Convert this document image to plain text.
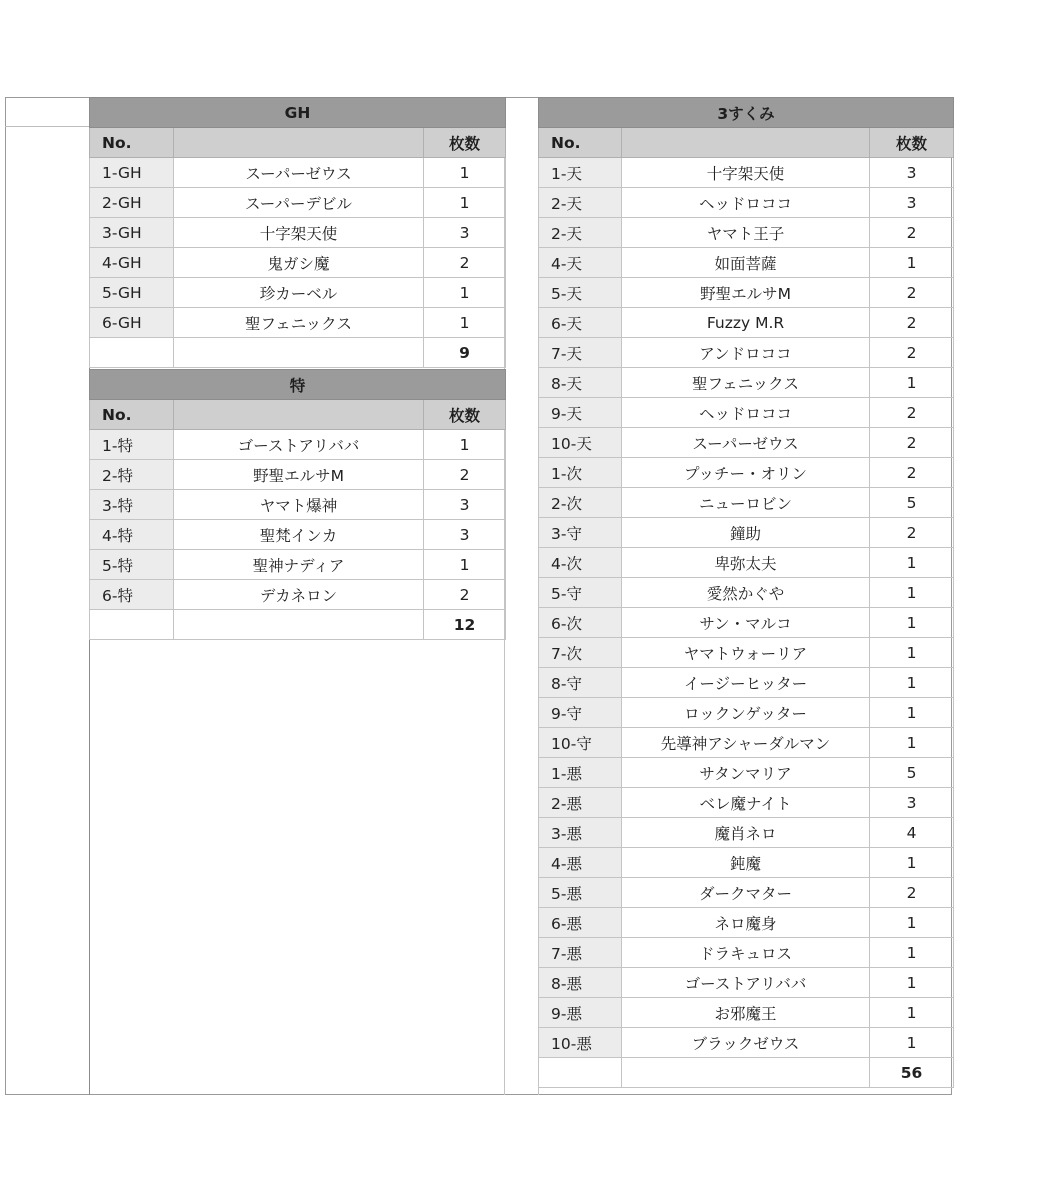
GH		
No.		枚数
1-GH	スーパーゼウス	1
2-GH	スーパーデビル	1
3-GH	十字架天使	3
4-GH	鬼ガシ魔	2
5-GH	珍カーベル	1
6-GH	聖フェニックス	1
		9
特		
No.		枚数
1-特	ゴーストアリババ	1
2-特	野聖エルサM	2
3-特	ヤマト爆神	3
4-特	聖梵インカ	3
5-特	聖神ナディア	1
6-特	デカネロン	2
		12
3すくみ		
No.		枚数
1-天	十字架天使	3
2-天	ヘッドロココ	3
2-天	ヤマト王子	2
4-天	如面菩薩	1
5-天	野聖エルサM	2
6-天	Fuzzy M.R	2
7-天	アンドロココ	2
8-天	聖フェニックス	1
9-天	ヘッドロココ	2
10-天	スーパーゼウス	2
1-次	プッチー・オリン	2
2-次	ニューロビン	5
3-守	鐘助	2
4-次	卑弥太夫	1
5-守	愛然かぐや	1
6-次	サン・マルコ	1
7-次	ヤマトウォーリア	1
8-守	イージーヒッター	1
9-守	ロックンゲッター	1
10-守	先導神アシャーダルマン	1
1-悪	サタンマリア	5
2-悪	ベレ魔ナイト	3
3-悪	魔肖ネロ	4
4-悪	鈍魔	1
5-悪	ダークマター	2
6-悪	ネロ魔身	1
7-悪	ドラキュロス	1
8-悪	ゴーストアリババ	1
9-悪	お邪魔王	1
10-悪	ブラックゼウス	1
		56
